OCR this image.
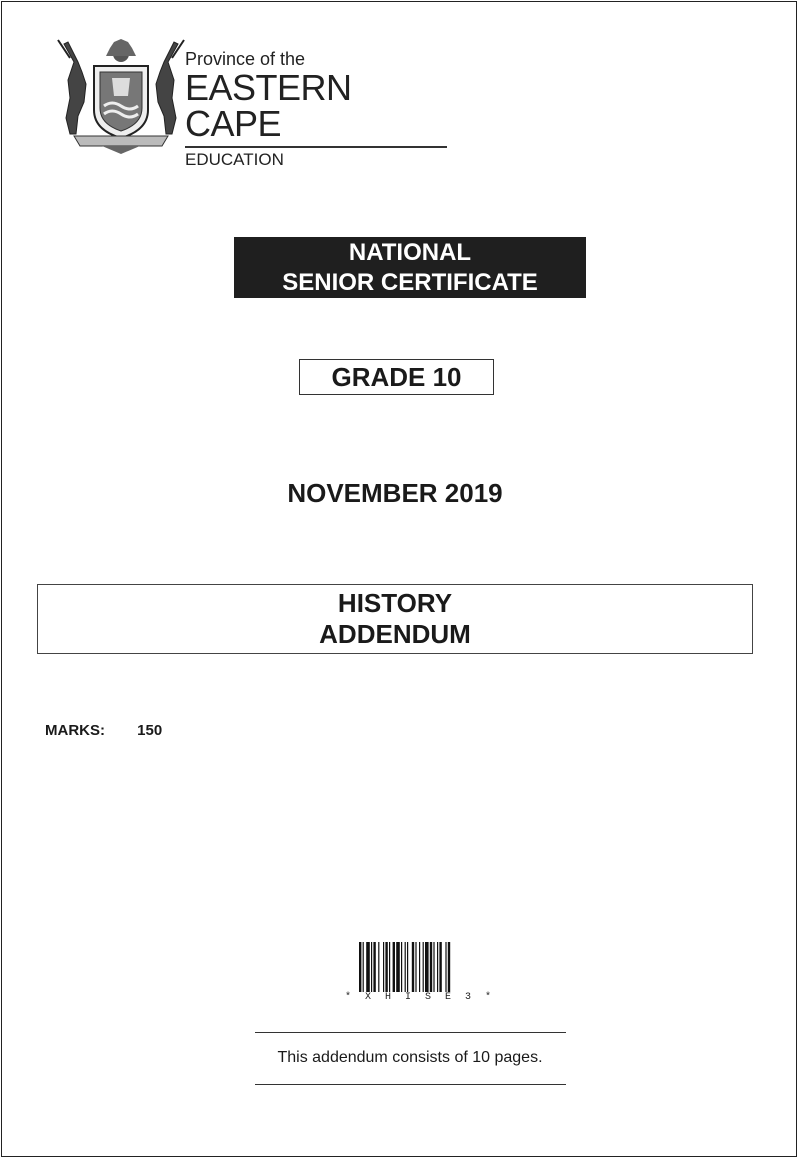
Province of the
EASTERN CAPE
EDUCATION
NATIONAL
SENIOR CERTIFICATE
GRADE 10
NOVEMBER 2019
HISTORY
ADDENDUM
MARKS: 150
* X H I S E 3 *
This addendum consists of 10 pages.
